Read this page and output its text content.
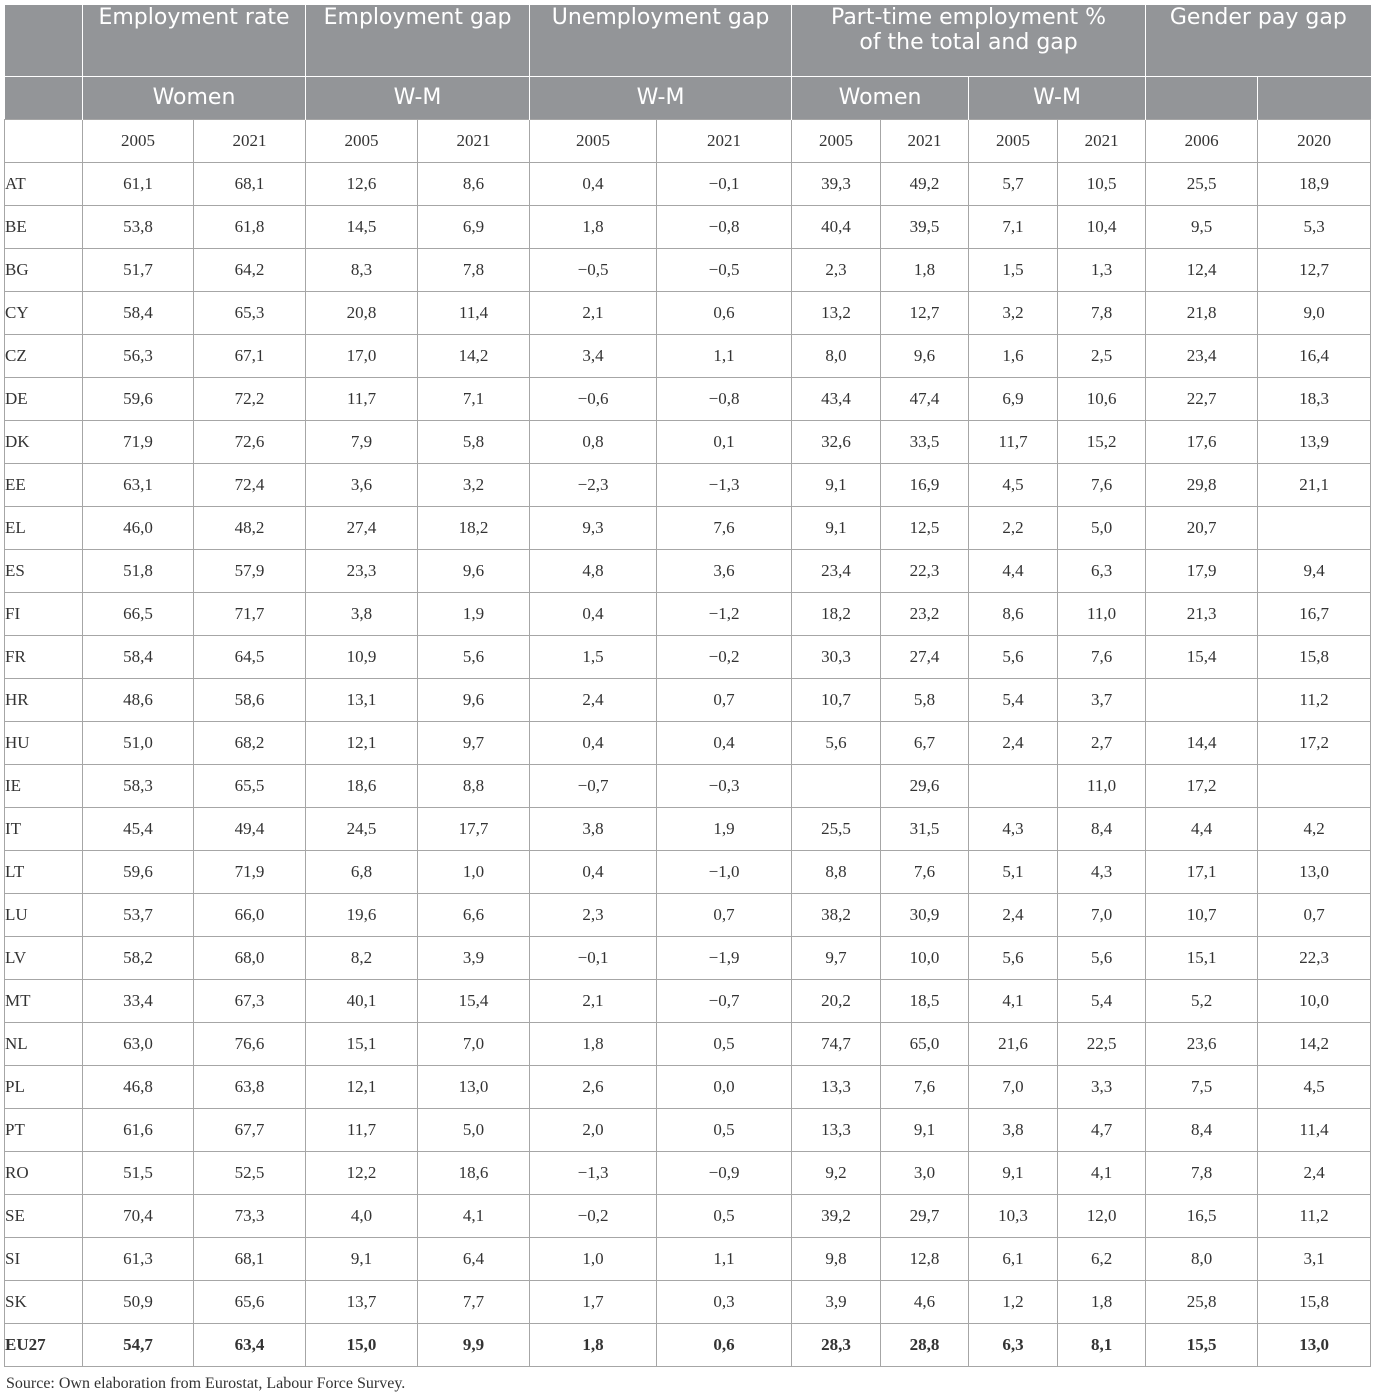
	Employment rate		Employment gap		Unemployment gap		Part-time employment %
of the total and gap				Gender pay gap	
	Women		W-M		W-M		Women		W-M			
	2005	2021	2005	2021	2005	2021	2005	2021	2005	2021	2006	2020
AT	61,1	68,1	12,6	8,6	0,4	−0,1	39,3	49,2	5,7	10,5	25,5	18,9
BE	53,8	61,8	14,5	6,9	1,8	−0,8	40,4	39,5	7,1	10,4	9,5	5,3
BG	51,7	64,2	8,3	7,8	−0,5	−0,5	2,3	1,8	1,5	1,3	12,4	12,7
CY	58,4	65,3	20,8	11,4	2,1	0,6	13,2	12,7	3,2	7,8	21,8	9,0
CZ	56,3	67,1	17,0	14,2	3,4	1,1	8,0	9,6	1,6	2,5	23,4	16,4
DE	59,6	72,2	11,7	7,1	−0,6	−0,8	43,4	47,4	6,9	10,6	22,7	18,3
DK	71,9	72,6	7,9	5,8	0,8	0,1	32,6	33,5	11,7	15,2	17,6	13,9
EE	63,1	72,4	3,6	3,2	−2,3	−1,3	9,1	16,9	4,5	7,6	29,8	21,1
EL	46,0	48,2	27,4	18,2	9,3	7,6	9,1	12,5	2,2	5,0	20,7	
ES	51,8	57,9	23,3	9,6	4,8	3,6	23,4	22,3	4,4	6,3	17,9	9,4
FI	66,5	71,7	3,8	1,9	0,4	−1,2	18,2	23,2	8,6	11,0	21,3	16,7
FR	58,4	64,5	10,9	5,6	1,5	−0,2	30,3	27,4	5,6	7,6	15,4	15,8
HR	48,6	58,6	13,1	9,6	2,4	0,7	10,7	5,8	5,4	3,7		11,2
HU	51,0	68,2	12,1	9,7	0,4	0,4	5,6	6,7	2,4	2,7	14,4	17,2
IE	58,3	65,5	18,6	8,8	−0,7	−0,3		29,6		11,0	17,2	
IT	45,4	49,4	24,5	17,7	3,8	1,9	25,5	31,5	4,3	8,4	4,4	4,2
LT	59,6	71,9	6,8	1,0	0,4	−1,0	8,8	7,6	5,1	4,3	17,1	13,0
LU	53,7	66,0	19,6	6,6	2,3	0,7	38,2	30,9	2,4	7,0	10,7	0,7
LV	58,2	68,0	8,2	3,9	−0,1	−1,9	9,7	10,0	5,6	5,6	15,1	22,3
MT	33,4	67,3	40,1	15,4	2,1	−0,7	20,2	18,5	4,1	5,4	5,2	10,0
NL	63,0	76,6	15,1	7,0	1,8	0,5	74,7	65,0	21,6	22,5	23,6	14,2
PL	46,8	63,8	12,1	13,0	2,6	0,0	13,3	7,6	7,0	3,3	7,5	4,5
PT	61,6	67,7	11,7	5,0	2,0	0,5	13,3	9,1	3,8	4,7	8,4	11,4
RO	51,5	52,5	12,2	18,6	−1,3	−0,9	9,2	3,0	9,1	4,1	7,8	2,4
SE	70,4	73,3	4,0	4,1	−0,2	0,5	39,2	29,7	10,3	12,0	16,5	11,2
SI	61,3	68,1	9,1	6,4	1,0	1,1	9,8	12,8	6,1	6,2	8,0	3,1
SK	50,9	65,6	13,7	7,7	1,7	0,3	3,9	4,6	1,2	1,8	25,8	15,8
EU27	54,7	63,4	15,0	9,9	1,8	0,6	28,3	28,8	6,3	8,1	15,5	13,0
Source: Own elaboration from Eurostat, Labour Force Survey.
